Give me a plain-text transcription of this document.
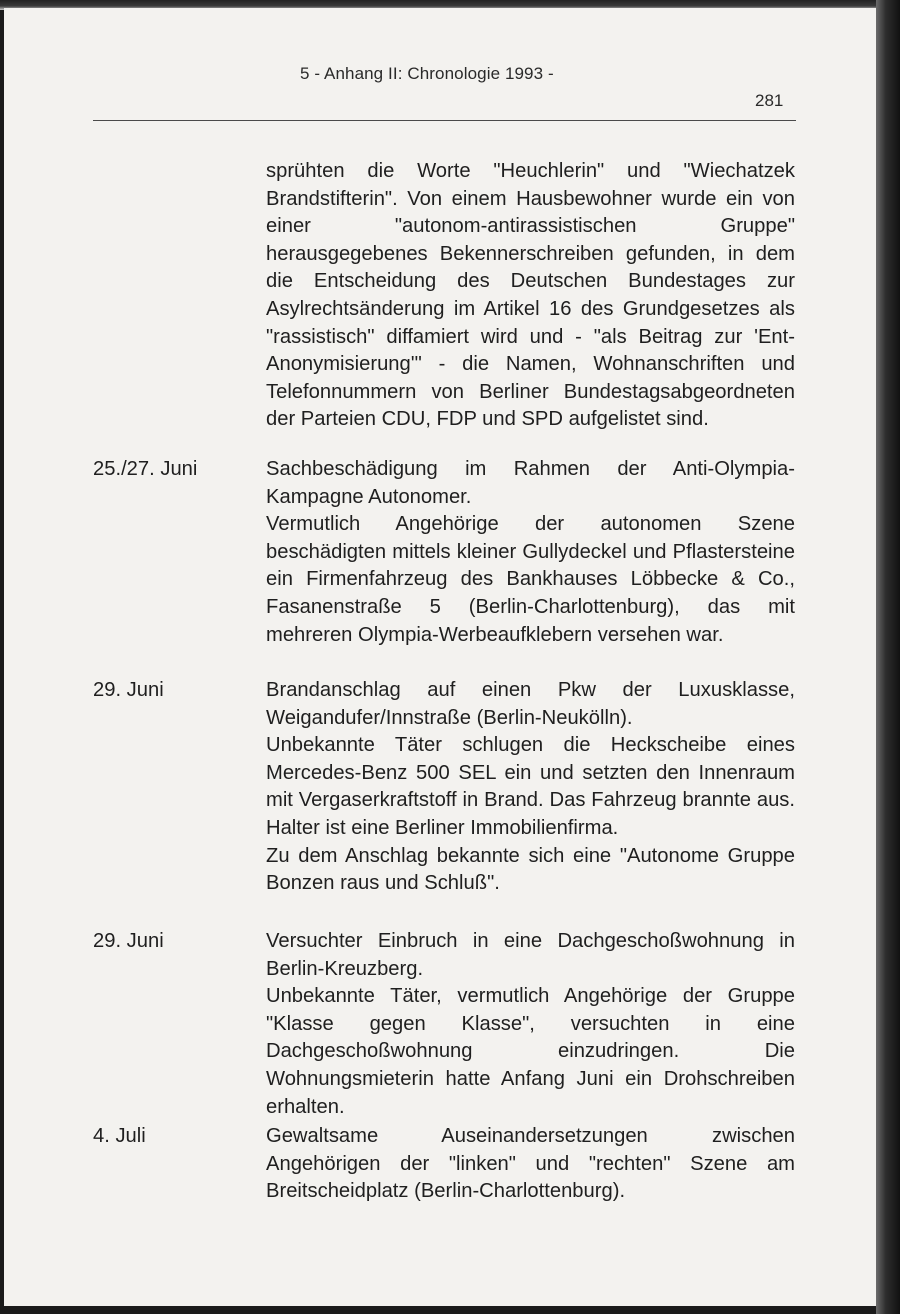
5 - Anhang II: Chronologie 1993 -
281
sprühten die Worte "Heuchlerin" und "Wiechatzek Brandstifterin". Von einem Hausbewohner wurde ein von einer "autonom-antirassistischen Gruppe" herausgegebenes Bekennerschreiben gefunden, in dem die Entscheidung des Deutschen Bundestages zur Asylrechtsänderung im Artikel 16 des Grundgesetzes als "rassistisch" diffamiert wird und - "als Beitrag zur 'Ent-Anonymisierung'" - die Namen, Wohnanschriften und Telefonnummern von Berliner Bundestagsabgeordneten der Parteien CDU, FDP und SPD aufgelistet sind.
25./27. Juni	Sachbeschädigung im Rahmen der Anti-Olympia-Kampagne Autonomer.

Vermutlich Angehörige der autonomen Szene beschädigten mittels kleiner Gullydeckel und Pflastersteine ein Firmenfahrzeug des Bankhauses Löbbecke & Co., Fasanenstraße 5 (Berlin-Charlottenburg), das mit mehreren Olympia-Werbeaufklebern versehen war.

29. Juni	Brandanschlag auf einen Pkw der Luxusklasse, Weigandufer/Innstraße (Berlin-Neukölln).

Unbekannte Täter schlugen die Heckscheibe eines Mercedes-Benz 500 SEL ein und setzten den Innenraum mit Vergaserkraftstoff in Brand. Das Fahrzeug brannte aus. Halter ist eine Berliner Immobilienfirma.

Zu dem Anschlag bekannte sich eine "Autonome Gruppe Bonzen raus und Schluß".

29. Juni	Versuchter Einbruch in eine Dachgeschoßwohnung in Berlin-Kreuzberg.

Unbekannte Täter, vermutlich Angehörige der Gruppe "Klasse gegen Klasse", versuchten in eine Dachgeschoßwohnung einzudringen. Die Wohnungsmieterin hatte Anfang Juni ein Drohschreiben erhalten.

4. Juli	Gewaltsame Auseinandersetzungen zwischen Angehörigen der "linken" und "rechten" Szene am Breitscheidplatz (Berlin-Charlottenburg).
